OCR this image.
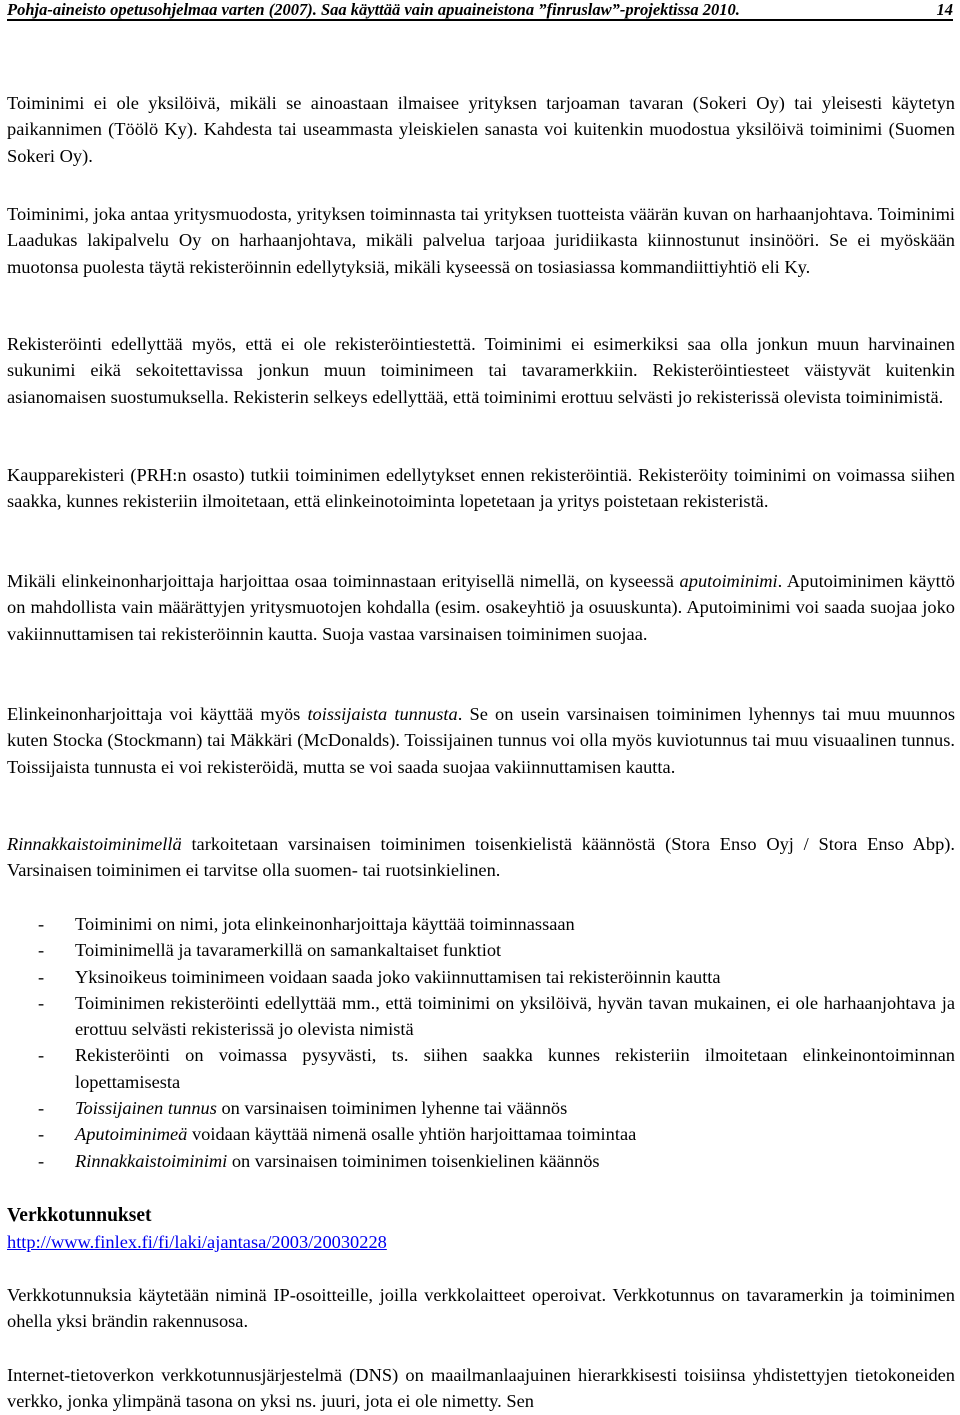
Pohja-aineisto opetusohjelmaa varten (2007). Saa käyttää vain apuaineistona ”finruslaw”-projektissa 2010.	14

Toiminimi ei ole yksilöivä, mikäli se ainoastaan ilmaisee yrityksen tarjoaman tavaran (Sokeri Oy) tai yleisesti käytetyn paikannimen (Töölö Ky). Kahdesta tai useammasta yleiskielen sanasta voi kuitenkin muodostua yksilöivä toiminimi (Suomen Sokeri Oy).

Toiminimi, joka antaa yritysmuodosta, yrityksen toiminnasta tai yrityksen tuotteista väärän kuvan on harhaanjohtava. Toiminimi Laadukas lakipalvelu Oy on harhaanjohtava, mikäli palvelua tarjoaa juridiikasta kiinnostunut insinööri. Se ei myöskään muotonsa puolesta täytä rekisteröinnin edellytyksiä, mikäli kyseessä on tosiasiassa kommandiittiyhtiö eli Ky.

Rekisteröinti edellyttää myös, että ei ole rekisteröintiestettä. Toiminimi ei esimerkiksi saa olla jonkun muun harvinainen sukunimi eikä sekoitettavissa jonkun muun toiminimeen tai tavaramerkkiin. Rekisteröintiesteet väistyvät kuitenkin asianomaisen suostumuksella. Rekisterin selkeys edellyttää, että toiminimi erottuu selvästi jo rekisterissä olevista toiminimistä.

Kaupparekisteri (PRH:n osasto) tutkii toiminimen edellytykset ennen rekisteröintiä. Rekisteröity toiminimi on voimassa siihen saakka, kunnes rekisteriin ilmoitetaan, että elinkeinotoiminta lopetetaan ja yritys poistetaan rekisteristä.

Mikäli elinkeinonharjoittaja harjoittaa osaa toiminnastaan erityisellä nimellä, on kyseessä aputoiminimi. Aputoiminimen käyttö on mahdollista vain määrättyjen yritysmuotojen kohdalla (esim. osakeyhtiö ja osuuskunta). Aputoiminimi voi saada suojaa joko vakiinnuttamisen tai rekisteröinnin kautta. Suoja vastaa varsinaisen toiminimen suojaa.

Elinkeinonharjoittaja voi käyttää myös toissijaista tunnusta. Se on usein varsinaisen toiminimen lyhennys tai muu muunnos kuten Stocka (Stockmann) tai Mäkkäri (McDonalds). Toissijainen tunnus voi olla myös kuviotunnus tai muu visuaalinen tunnus. Toissijaista tunnusta ei voi rekisteröidä, mutta se voi saada suojaa vakiinnuttamisen kautta.

Rinnakkaistoiminimellä tarkoitetaan varsinaisen toiminimen toisenkielistä käännöstä (Stora Enso Oyj / Stora Enso Abp). Varsinaisen toiminimen ei tarvitse olla suomen- tai ruotsinkielinen.

- Toiminimi on nimi, jota elinkeinonharjoittaja käyttää toiminnassaan
- Toiminimellä ja tavaramerkillä on samankaltaiset funktiot
- Yksinoikeus toiminimeen voidaan saada joko vakiinnuttamisen tai rekisteröinnin kautta
- Toiminimen rekisteröinti edellyttää mm., että toiminimi on yksilöivä, hyvän tavan mukainen, ei ole harhaanjohtava ja erottuu selvästi rekisterissä jo olevista nimistä
- Rekisteröinti on voimassa pysyvästi, ts. siihen saakka kunnes rekisteriin ilmoitetaan elinkeinontoiminnan lopettamisesta
- Toissijainen tunnus on varsinaisen toiminimen lyhenne tai väännös
- Aputoiminimeä voidaan käyttää nimenä osalle yhtiön harjoittamaa toimintaa
- Rinnakkaistoiminimi on varsinaisen toiminimen toisenkielinen käännös
Verkkotunnukset
http://www.finlex.fi/fi/laki/ajantasa/2003/20030228

Verkkotunnuksia käytetään niminä IP-osoitteille, joilla verkkolaitteet operoivat. Verkkotunnus on tavaramerkin ja toiminimen ohella yksi brändin rakennusosa.

Internet-tietoverkon verkkotunnusjärjestelmä (DNS) on maailmanlaajuinen hierarkkisesti toisiinsa yhdistettyjen tietokoneiden verkko, jonka ylimpänä tasona on yksi ns. juuri, jota ei ole nimetty. Sen
